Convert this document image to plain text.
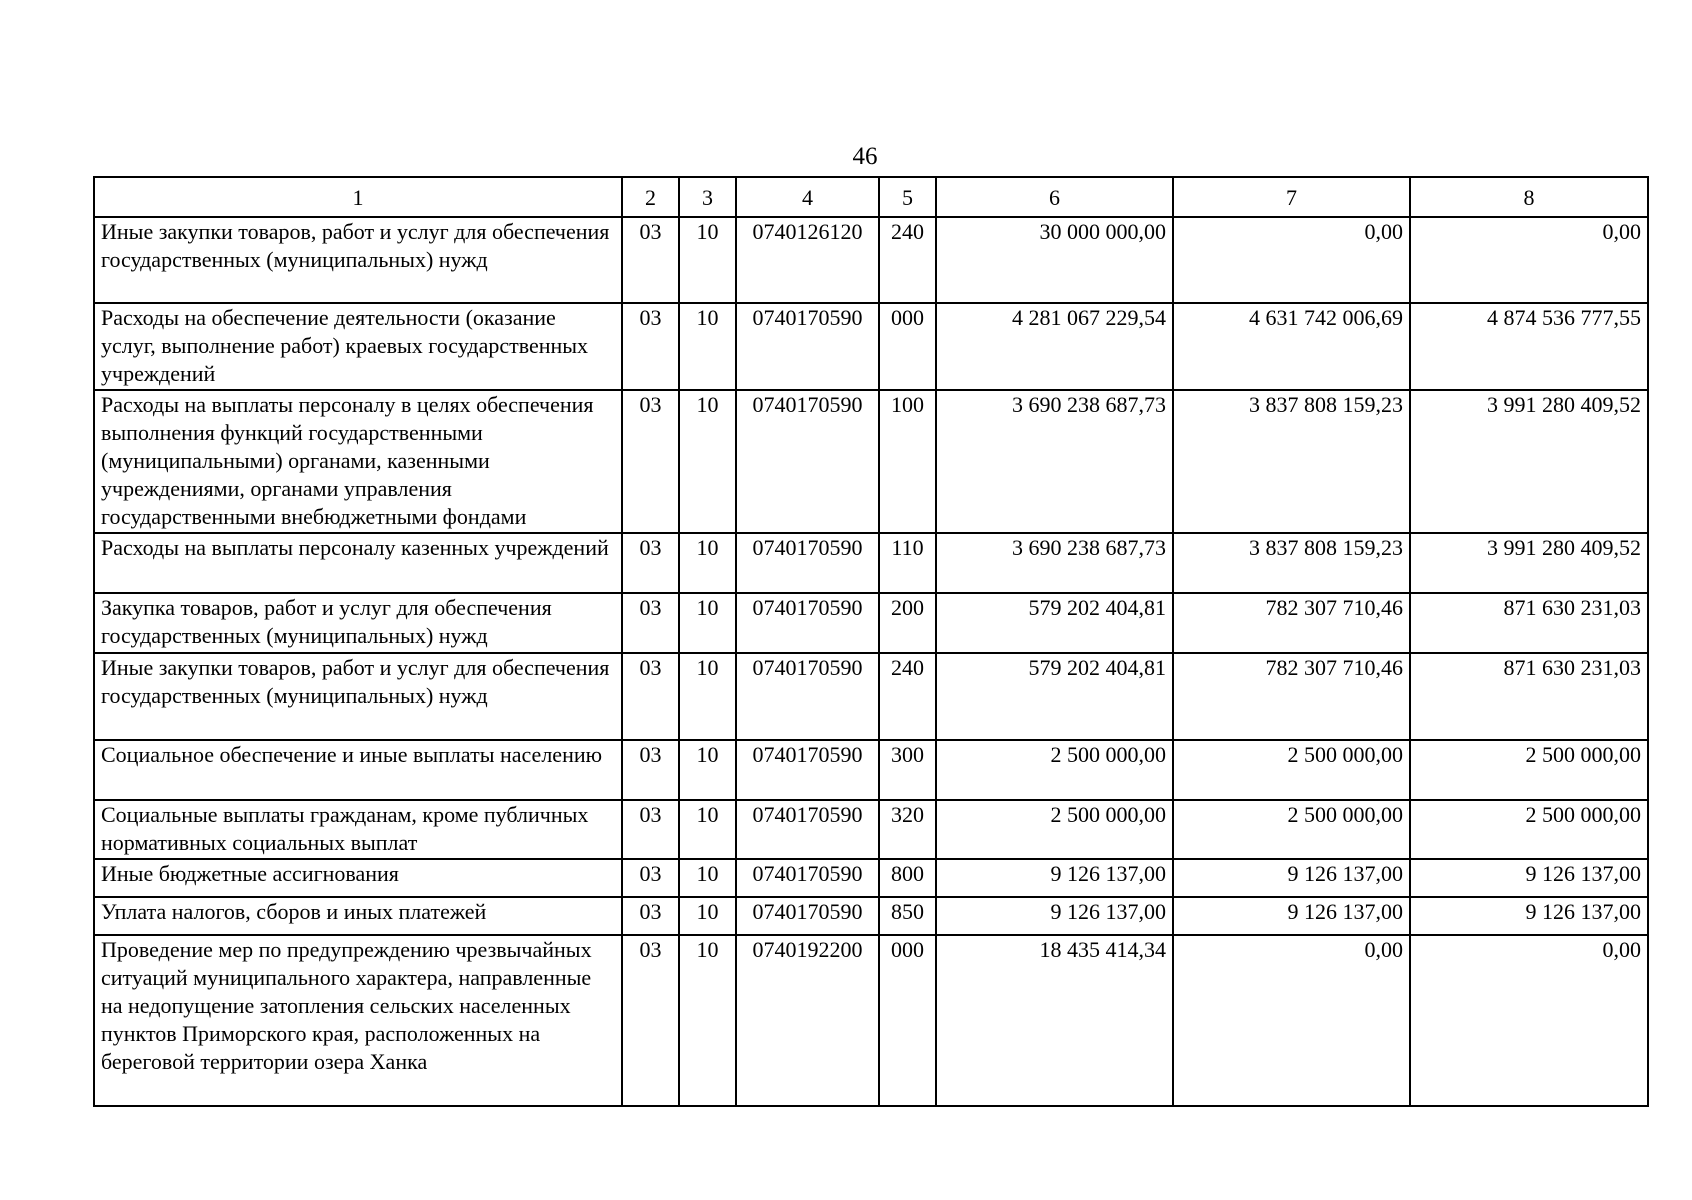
46
1	2	3	4	5	6	7	8
Иные закупки товаров, работ и услуг для обеспечения государственных (муниципальных) нужд	03	10	0740126120	240	30 000 000,00	0,00	0,00
Расходы на обеспечение деятельности (оказание услуг, выполнение работ) краевых государственных учреждений	03	10	0740170590	000	4 281 067 229,54	4 631 742 006,69	4 874 536 777,55
Расходы на выплаты персоналу в целях обеспечения выполнения функций государственными (муниципальными) органами, казенными учреждениями, органами управления государственными внебюджетными фондами	03	10	0740170590	100	3 690 238 687,73	3 837 808 159,23	3 991 280 409,52
Расходы на выплаты персоналу казенных учреждений	03	10	0740170590	110	3 690 238 687,73	3 837 808 159,23	3 991 280 409,52
Закупка товаров, работ и услуг для обеспечения государственных (муниципальных) нужд	03	10	0740170590	200	579 202 404,81	782 307 710,46	871 630 231,03
Иные закупки товаров, работ и услуг для обеспечения государственных (муниципальных) нужд	03	10	0740170590	240	579 202 404,81	782 307 710,46	871 630 231,03
Социальное обеспечение и иные выплаты населению	03	10	0740170590	300	2 500 000,00	2 500 000,00	2 500 000,00
Социальные выплаты гражданам, кроме публичных нормативных социальных выплат	03	10	0740170590	320	2 500 000,00	2 500 000,00	2 500 000,00
Иные бюджетные ассигнования	03	10	0740170590	800	9 126 137,00	9 126 137,00	9 126 137,00
Уплата налогов, сборов и иных платежей	03	10	0740170590	850	9 126 137,00	9 126 137,00	9 126 137,00
Проведение мер по предупреждению чрезвычайных ситуаций муниципального характера, направленные на недопущение затопления сельских населенных пунктов Приморского края, расположенных на береговой территории озера Ханка	03	10	0740192200	000	18 435 414,34	0,00	0,00
